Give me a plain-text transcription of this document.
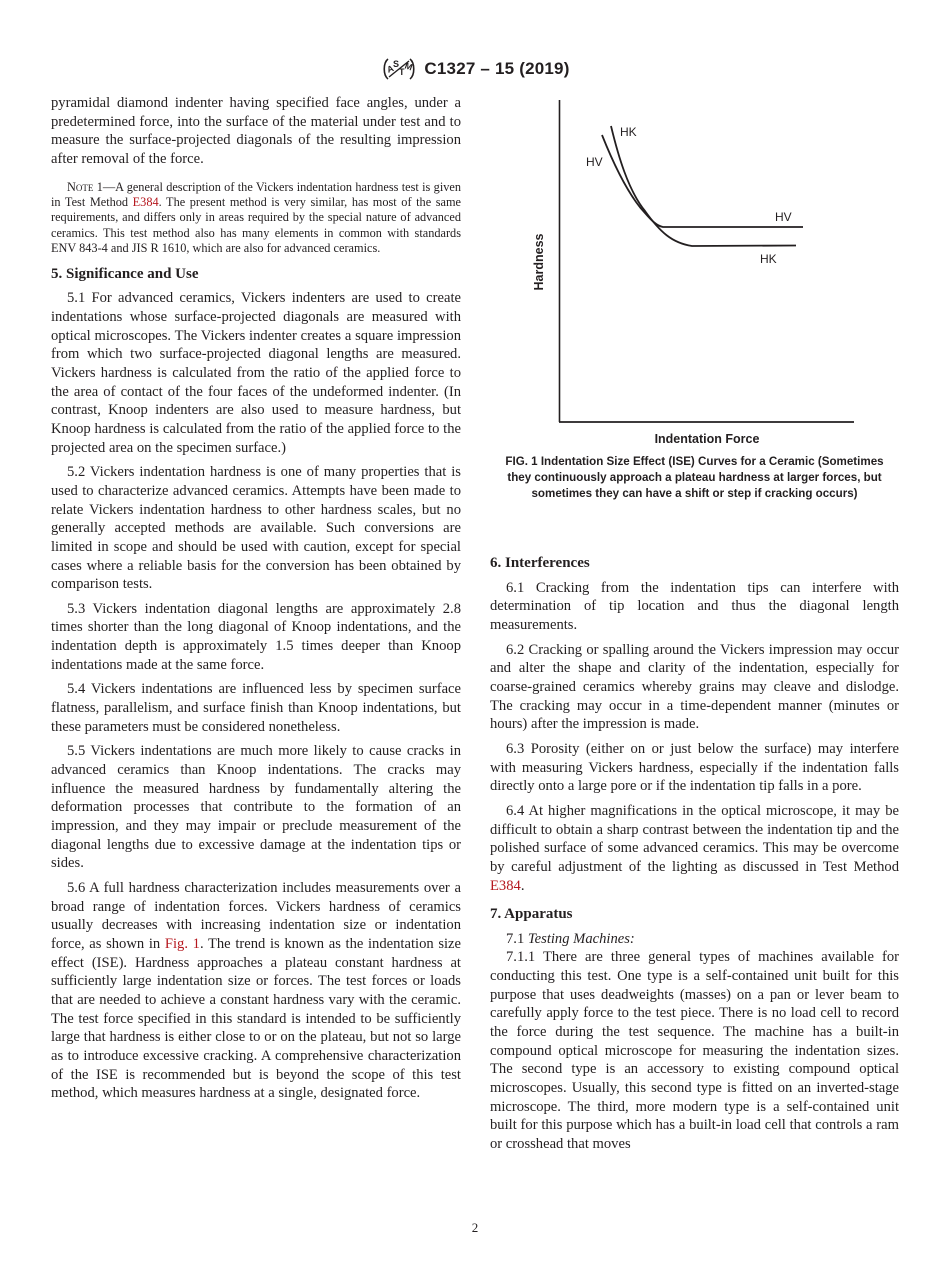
A
S
T
M C1327 – 15 (2019)

pyramidal diamond indenter having specified face angles, under a predetermined force, into the surface of the material under test and to measure the surface-projected diagonals of the resulting impression after removal of the force.

Note 1—A general description of the Vickers indentation hardness test is given in Test Method E384. The present method is very similar, has most of the same requirements, and differs only in areas required by the special nature of advanced ceramics. This test method also has many elements in common with standards ENV 843-4 and JIS R 1610, which are also for advanced ceramics.

5. Significance and Use

5.1 For advanced ceramics, Vickers indenters are used to create indentations whose surface-projected diagonals are measured with optical microscopes. The Vickers indenter creates a square impression from which two surface-projected diagonal lengths are measured. Vickers hardness is calculated from the ratio of the applied force to the area of contact of the four faces of the undeformed indenter. (In contrast, Knoop indenters are also used to measure hardness, but Knoop hardness is calculated from the ratio of the applied force to the projected area on the specimen surface.)

5.2 Vickers indentation hardness is one of many properties that is used to characterize advanced ceramics. Attempts have been made to relate Vickers indentation hardness to other hardness scales, but no generally accepted methods are available. Such conversions are limited in scope and should be used with caution, except for special cases where a reliable basis for the conversion has been obtained by comparison tests.

5.3 Vickers indentation diagonal lengths are approximately 2.8 times shorter than the long diagonal of Knoop indentations, and the indentation depth is approximately 1.5 times deeper than Knoop indentations made at the same force.

5.4 Vickers indentations are influenced less by specimen surface flatness, parallelism, and surface finish than Knoop indentations, but these parameters must be considered nonetheless.

5.5 Vickers indentations are much more likely to cause cracks in advanced ceramics than Knoop indentations. The cracks may influence the measured hardness by fundamentally altering the deformation processes that contribute to the formation of an impression, and they may impair or preclude measurement of the diagonal lengths due to excessive damage at the indentation tips or sides.

5.6 A full hardness characterization includes measurements over a broad range of indentation forces. Vickers hardness of ceramics usually decreases with increasing indentation size or indentation force, as shown in Fig. 1. The trend is known as the indentation size effect (ISE). Hardness approaches a plateau constant hardness at sufficiently large indentation size or forces. The test forces or loads that are needed to achieve a constant hardness vary with the ceramic. The test force specified in this standard is intended to be sufficiently large that hardness is either close to or on the plateau, but not so large as to introduce excessive cracking. A comprehensive characterization of the ISE is recommended but is beyond the scope of this test method, which measures hardness at a single, designated force.

Hardness
HK
HV
HV
HK
Indentation Force
FIG. 1 Indentation Size Effect (ISE) Curves for a Ceramic (Sometimes they continuously approach a plateau hardness at larger forces, but sometimes they can have a shift or step if cracking occurs)

6. Interferences

6.1 Cracking from the indentation tips can interfere with determination of tip location and thus the diagonal length measurements.

6.2 Cracking or spalling around the Vickers impression may occur and alter the shape and clarity of the indentation, especially for coarse-grained ceramics whereby grains may cleave and dislodge. The cracking may occur in a time-dependent manner (minutes or hours) after the impression is made.

6.3 Porosity (either on or just below the surface) may interfere with measuring Vickers hardness, especially if the indentation falls directly onto a large pore or if the indentation tip falls in a pore.

6.4 At higher magnifications in the optical microscope, it may be difficult to obtain a sharp contrast between the indentation tip and the polished surface of some advanced ceramics. This may be overcome by careful adjustment of the lighting as discussed in Test Method E384.

7. Apparatus

7.1 Testing Machines:

7.1.1 There are three general types of machines available for conducting this test. One type is a self-contained unit built for this purpose that uses deadweights (masses) on a pan or lever beam to carefully apply force to the test piece. There is no load cell to record the force during the test sequence. The machine has a built-in compound optical microscope for measuring the indentation sizes. The second type is an accessory to existing compound optical microscopes. Usually, this second type is fitted on an inverted-stage microscope. The third, more modern type is a self-contained unit built for this purpose which has a built-in load cell that controls a ram or crosshead that moves

2
